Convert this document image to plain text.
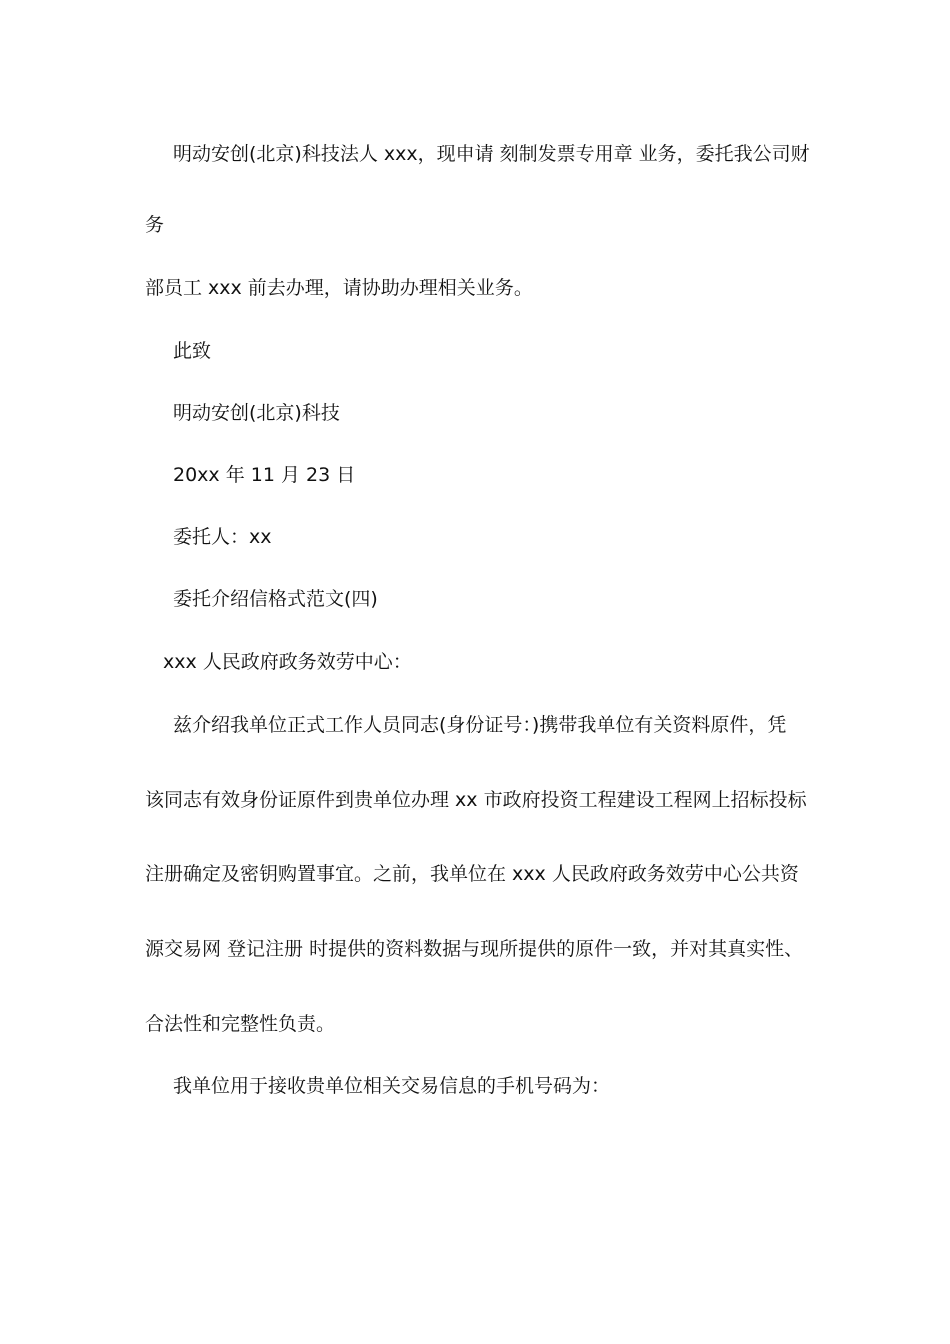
明动安创(北京)科技法人 xxx，现申请 刻制发票专用章 业务，委托我公司财
务
部员工 xxx 前去办理，请协助办理相关业务。
此致
明动安创(北京)科技
20xx 年 11 月 23 日
委托人：xx
委托介绍信格式范文(四)
xxx 人民政府政务效劳中心：
兹介绍我单位正式工作人员同志(身份证号：)携带我单位有关资料原件，凭
该同志有效身份证原件到贵单位办理 xx 市政府投资工程建设工程网上招标投标
注册确定及密钥购置事宜。之前，我单位在 xxx 人民政府政务效劳中心公共资
源交易网 登记注册 时提供的资料数据与现所提供的原件一致，并对其真实性、
合法性和完整性负责。
我单位用于接收贵单位相关交易信息的手机号码为：
